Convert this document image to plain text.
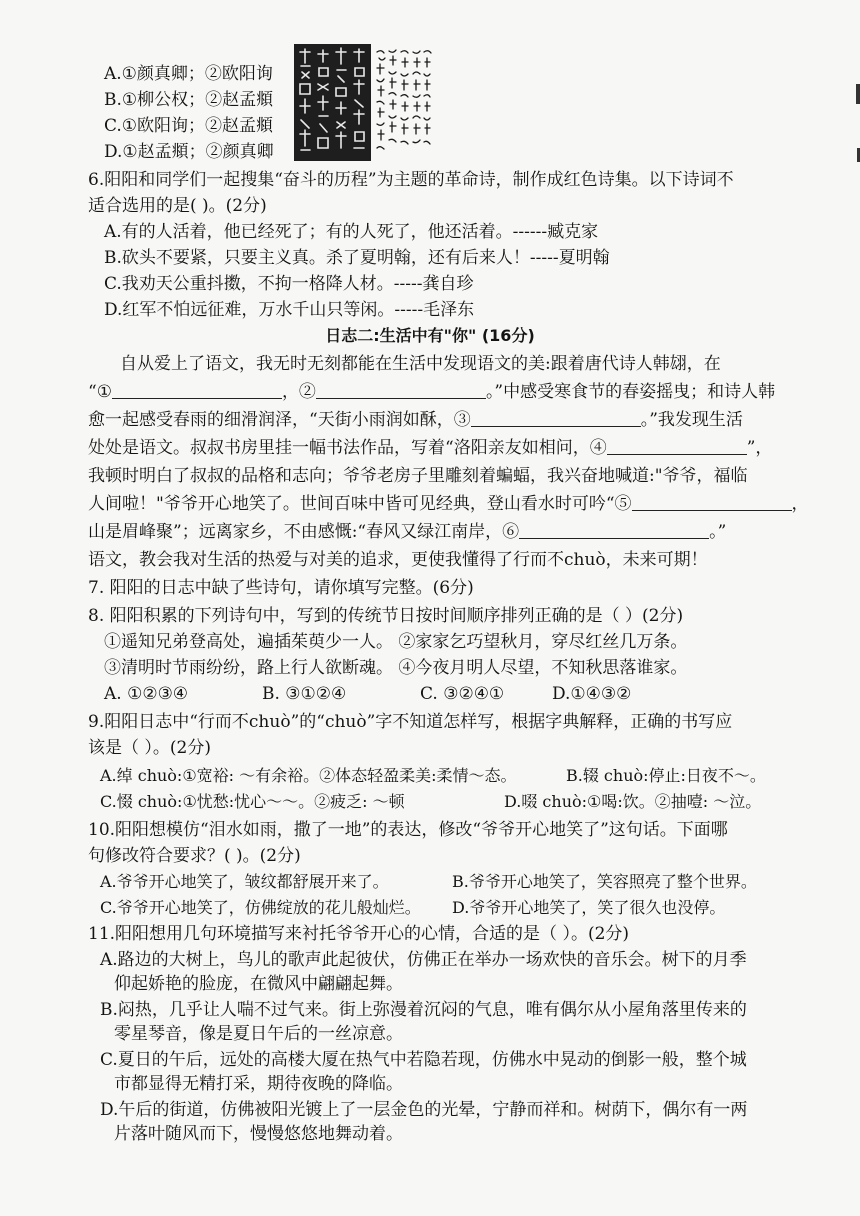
A.①颜真卿；②欧阳询
B.①柳公权；②赵孟頫
C.①欧阳询；②赵孟頫
D.①赵孟頫；②颜真卿
6.阳阳和同学们一起搜集“奋斗的历程”为主题的革命诗，制作成红色诗集。以下诗词不
适合选用的是( )。(2分)
A.有的人活着，他已经死了；有的人死了，他还活着。------臧克家
B.砍头不要紧，只要主义真。杀了夏明翰，还有后来人！-----夏明翰
C.我劝天公重抖擞，不拘一格降人材。-----龚自珍
D.红军不怕远征难，万水千山只等闲。-----毛泽东
日志二:生活中有"你" (16分)
自从爱上了语文，我无时无刻都能在生活中发现语文的美:跟着唐代诗人韩翃，在
“①	，②	。”中感受寒食节的春姿摇曳；和诗人韩
愈一起感受春雨的细滑润泽，“天街小雨润如酥，③	。”我发现生活
处处是语文。叔叔书房里挂一幅书法作品，写着“洛阳亲友如相问，④	”，
我顿时明白了叔叔的品格和志向；爷爷老房子里雕刻着蝙蝠，我兴奋地喊道:"爷爷，福临
人间啦！"爷爷开心地笑了。世间百味中皆可见经典，登山看水时可吟“⑤	，
山是眉峰聚”；远离家乡，不由感慨:“春风又绿江南岸，⑥	。”
语文，教会我对生活的热爱与对美的追求，更使我懂得了行而不chuò，未来可期！
7. 阳阳的日志中缺了些诗句，请你填写完整。(6分)
8. 阳阳积累的下列诗句中，写到的传统节日按时间顺序排列正确的是（ ）(2分)
①遥知兄弟登高处，遍插茱萸少一人。 ②家家乞巧望秋月，穿尽红丝几万条。
③清明时节雨纷纷，路上行人欲断魂。 ④今夜月明人尽望，不知秋思落谁家。
A. ①②③④	B. ③①②④	C. ③②④①	D.①④③②
9.阳阳日志中“行而不chuò”的“chuò”字不知道怎样写，根据字典解释，正确的书写应
该是（ ）。(2分)
A.绰 chuò:①宽裕: ～有余裕。②体态轻盈柔美:柔情～态。	B.辍 chuò:停止:日夜不～。
C.惙 chuò:①忧愁:忧心～～。②疲乏: ～顿	D.啜 chuò:①喝:饮。②抽噎: ～泣。
10.阳阳想模仿“泪水如雨，撒了一地”的表达，修改“爷爷开心地笑了”这句话。下面哪
句修改符合要求？( )。(2分)
A.爷爷开心地笑了，皱纹都舒展开来了。	B.爷爷开心地笑了，笑容照亮了整个世界。
C.爷爷开心地笑了，仿佛绽放的花儿般灿烂。	D.爷爷开心地笑了，笑了很久也没停。
11.阳阳想用几句环境描写来衬托爷爷开心的心情，合适的是（ ）。(2分)
A.路边的大树上，鸟儿的歌声此起彼伏，仿佛正在举办一场欢快的音乐会。树下的月季
仰起娇艳的脸庞，在微风中翩翩起舞。
B.闷热，几乎让人喘不过气来。街上弥漫着沉闷的气息，唯有偶尔从小屋角落里传来的
零星琴音，像是夏日午后的一丝凉意。
C.夏日的午后，远处的高楼大厦在热气中若隐若现，仿佛水中晃动的倒影一般，整个城
市都显得无精打采，期待夜晚的降临。
D.午后的街道，仿佛被阳光镀上了一层金色的光晕，宁静而祥和。树荫下，偶尔有一两
片落叶随风而下，慢慢悠悠地舞动着。
